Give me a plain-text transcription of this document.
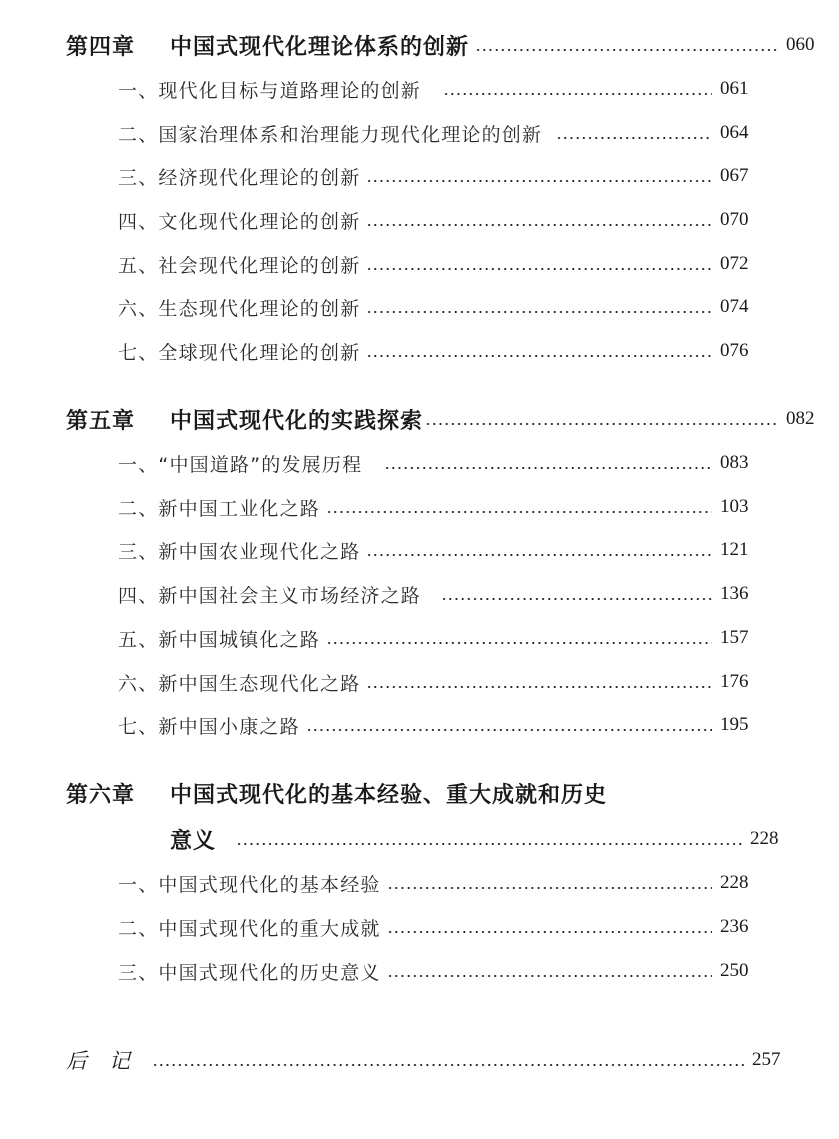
第四章 中国式现代化理论体系的创新	060
一、现代化目标与道路理论的创新	061
二、国家治理体系和治理能力现代化理论的创新	064
三、经济现代化理论的创新	067
四、文化现代化理论的创新	070
五、社会现代化理论的创新	072
六、生态现代化理论的创新	074
七、全球现代化理论的创新	076
第五章 中国式现代化的实践探索	082
一、“中国道路”的发展历程	083
二、新中国工业化之路	103
三、新中国农业现代化之路	121
四、新中国社会主义市场经济之路	136
五、新中国城镇化之路	157
六、新中国生态现代化之路	176
七、新中国小康之路	195
第六章 中国式现代化的基本经验、重大成就和历史
意义	228
一、中国式现代化的基本经验	228
二、中国式现代化的重大成就	236
三、中国式现代化的历史意义	250
后记	257
